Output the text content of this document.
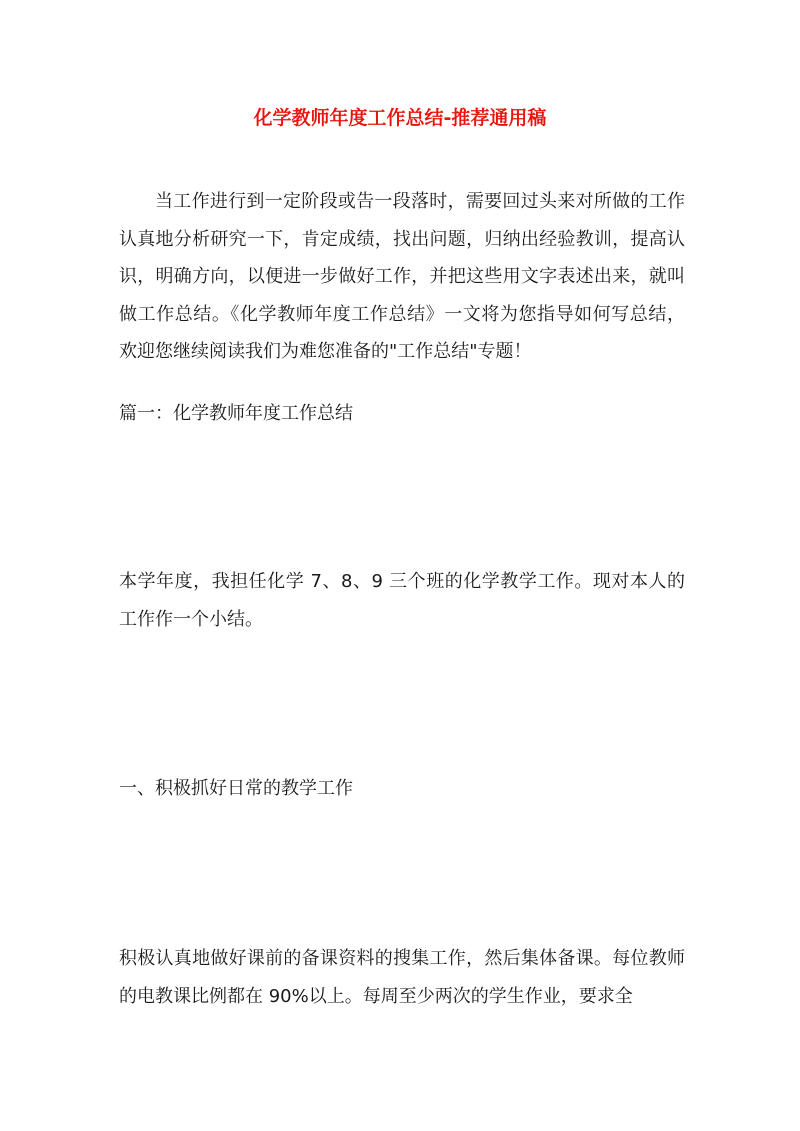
化学教师年度工作总结-推荐通用稿

当工作进行到一定阶段或告一段落时，需要回过头来对所做的工作认真地分析研究一下，肯定成绩，找出问题，归纳出经验教训，提高认识，明确方向，以便进一步做好工作，并把这些用文字表述出来，就叫做工作总结。《化学教师年度工作总结》一文将为您指导如何写总结，欢迎您继续阅读我们为难您准备的"工作总结"专题！

篇一：化学教师年度工作总结

本学年度，我担任化学 7、8、9 三个班的化学教学工作。现对本人的工作作一个小结。

一、积极抓好日常的教学工作

积极认真地做好课前的备课资料的搜集工作，然后集体备课。每位教师的电教课比例都在 90%以上。每周至少两次的学生作业，要求全
